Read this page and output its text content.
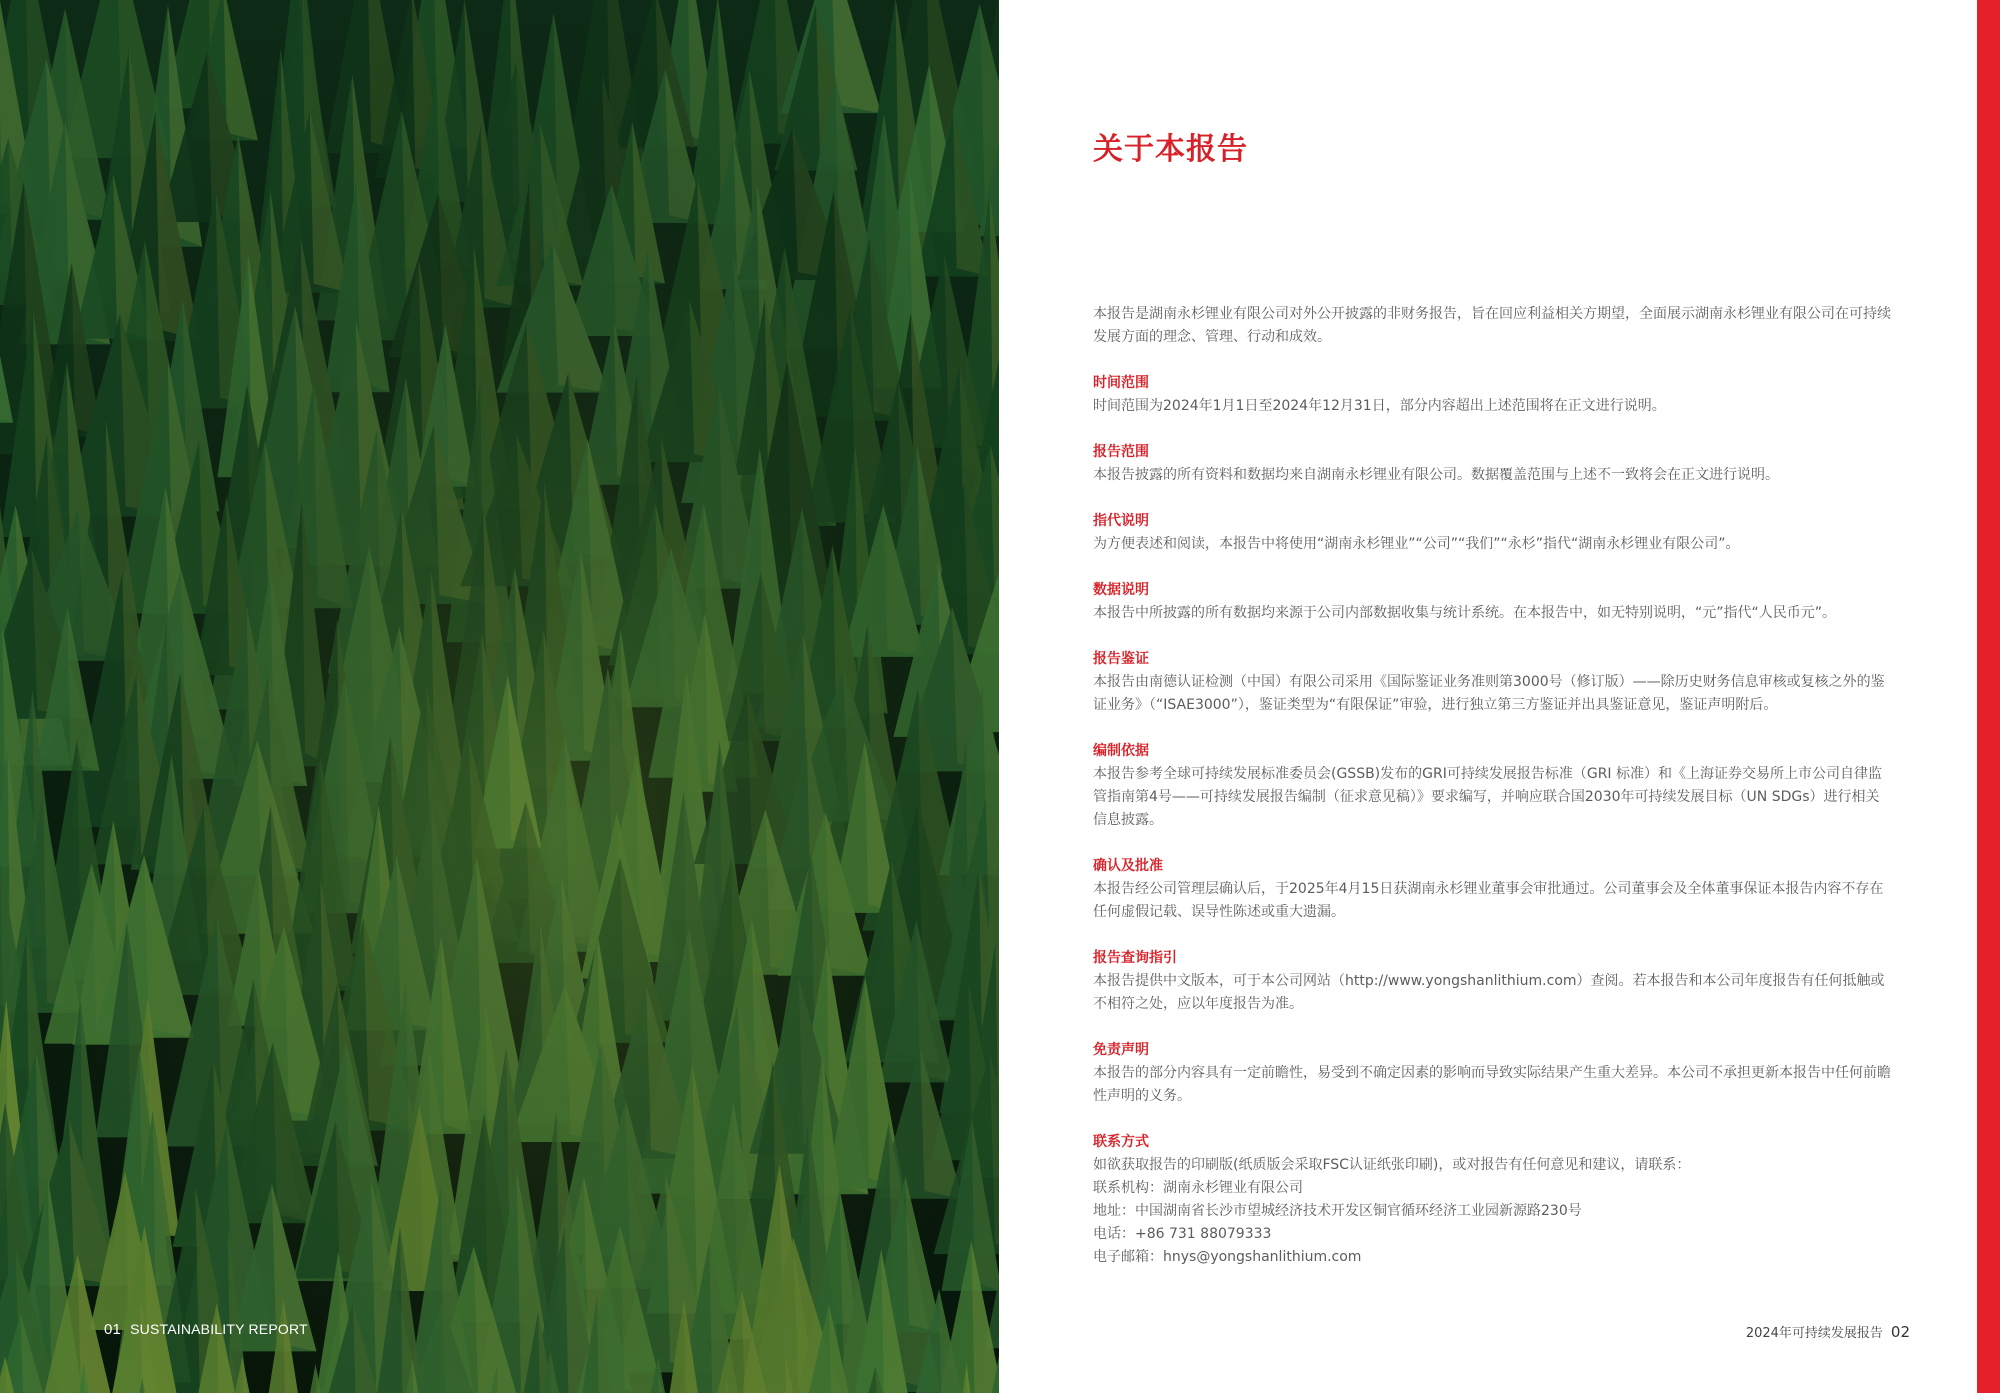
01 SUSTAINABILITY REPORT
关于本报告

本报告是湖南永杉锂业有限公司对外公开披露的非财务报告，旨在回应利益相关方期望，全面展示湖南永杉锂业有限公司在可持续发展方面的理念、管理、行动和成效。

时间范围

时间范围为2024年1月1日至2024年12月31日，部分内容超出上述范围将在正文进行说明。

报告范围

本报告披露的所有资料和数据均来自湖南永杉锂业有限公司。数据覆盖范围与上述不一致将会在正文进行说明。

指代说明

为方便表述和阅读，本报告中将使用“湖南永杉锂业”“公司”“我们”“永杉”指代“湖南永杉锂业有限公司”。

数据说明

本报告中所披露的所有数据均来源于公司内部数据收集与统计系统。在本报告中，如无特别说明，“元”指代“人民币元”。

报告鉴证

本报告由南德认证检测（中国）有限公司采用《国际鉴证业务准则第3000号（修订版）——除历史财务信息审核或复核之外的鉴证业务》（“ISAE3000”），鉴证类型为“有限保证”审验，进行独立第三方鉴证并出具鉴证意见，鉴证声明附后。

编制依据

本报告参考全球可持续发展标准委员会(GSSB)发布的GRI可持续发展报告标准（GRI 标准）和《上海证券交易所上市公司自律监管指南第4号——可持续发展报告编制（征求意见稿）》要求编写，并响应联合国2030年可持续发展目标（UN SDGs）进行相关信息披露。

确认及批准

本报告经公司管理层确认后，于2025年4月15日获湖南永杉锂业董事会审批通过。公司董事会及全体董事保证本报告内容不存在任何虚假记载、误导性陈述或重大遗漏。

报告查询指引

本报告提供中文版本，可于本公司网站（http://www.yongshanlithium.com）查阅。若本报告和本公司年度报告有任何抵触或不相符之处，应以年度报告为准。

免责声明

本报告的部分内容具有一定前瞻性，易受到不确定因素的影响而导致实际结果产生重大差异。本公司不承担更新本报告中任何前瞻性声明的义务。

联系方式

如欲获取报告的印刷版(纸质版会采取FSC认证纸张印刷)，或对报告有任何意见和建议，请联系：

联系机构：湖南永杉锂业有限公司

地址：中国湖南省长沙市望城经济技术开发区铜官循环经济工业园新源路230号

电话：+86 731 88079333

电子邮箱：hnys@yongshanlithium.com

2024年可持续发展报告 02
